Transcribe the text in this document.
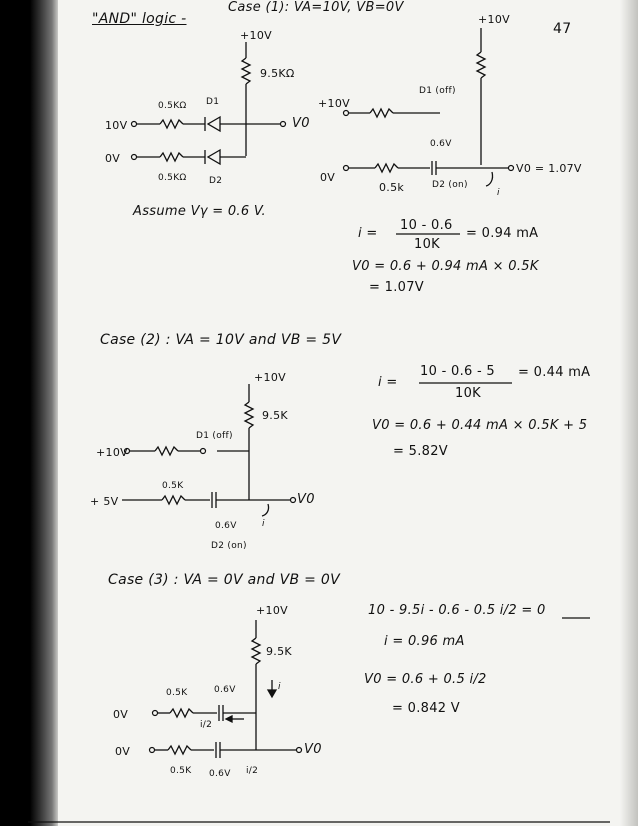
47
"AND" logic -
Case (1): VA=10V, VB=0V
+10V
9.5KΩ
0.5KΩ D1
10V	V0
0V
0.5KΩ D2
Assume Vγ = 0.6 V.
+10V
D1 (off)
+10V
0.6V
0V
0.5k	D2 (on)
i
V0 = 1.07V
i =
10 - 0.6
10K
= 0.94 mA
V0 = 0.6 + 0.94 mA × 0.5K
= 1.07V
Case (2) : VA = 10V and VB = 5V
+10V
9.5K
D1 (off)
+10V
0.5K
+ 5V
0.6V	i
D2 (on)
V0
i =
10 - 0.6 - 5
10K
= 0.44 mA
V0 = 0.6 + 0.44 mA × 0.5K + 5
= 5.82V
Case (3) : VA = 0V and VB = 0V
+10V
9.5K
i
0.5K	0.6V
i/2
0V
0V	V0
0.5K 0.6V i/2
10 - 9.5i - 0.6 - 0.5 i/2 = 0
i = 0.96 mA
V0 = 0.6 + 0.5 i/2
= 0.842 V
